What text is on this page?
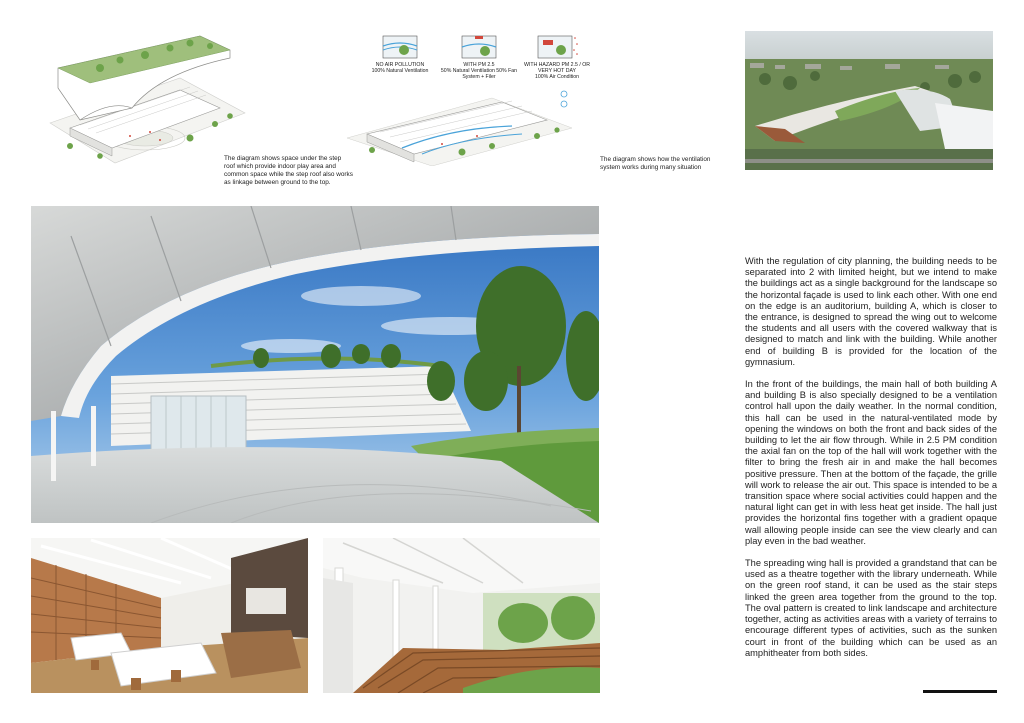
The diagram shows space under the step roof which provide indoor play area and common space while the step roof also works as linkage between ground to the top.
NO AIR POLLUTION
100% Natural Ventilation
WITH PM 2.5
50% Natural Ventilation 50% Fan System + Filer
WITH HAZARD PM 2.5 / OR VERY HOT DAY
100% Air Condition
The diagram shows how the ventilation system works during many situation

With the regulation of city planning, the building needs to be separated into 2 with limited height, but we intend to make the buildings act as a single background for the landscape so the horizontal façade is used to link each other. With one end on the edge is an auditorium, building A, which is closer to the entrance, is designed to spread the wing out to welcome the students and all users with the covered walkway that is designed to match and link with the building. While another end of building B is provided for the location of the gymnasium.

In the front of the buildings, the main hall of both building A and building B is also specially designed to be a ventilation control hall upon the daily weather. In the normal condition, this hall can be used in the natural-ventilated mode by opening the windows on both the front and back sides of the building to let the air flow through. While in 2.5 PM condition the axial fan on the top of the hall will work together with the filter to bring the fresh air in and make the hall becomes positive pressure. Then at the bottom of the façade, the grille will work to release the air out. This space is intended to be a transition space where social activities could happen and the natural light can get in with less heat get inside. The hall just provides the horizontal fins together with a gradient opaque wall allowing people inside can see the view clearly and can play even in the bad weather.

The spreading wing hall is provided a grandstand that can be used as a theatre together with the library underneath. While on the green roof stand, it can be used as the stair steps linked the green area together from the ground to the top. The oval pattern is created to link landscape and architecture together, acting as activities areas with a variety of terrains to encourage different types of activities, such as the sunken court in front of the building which can be used as an amphitheater from both sides.
